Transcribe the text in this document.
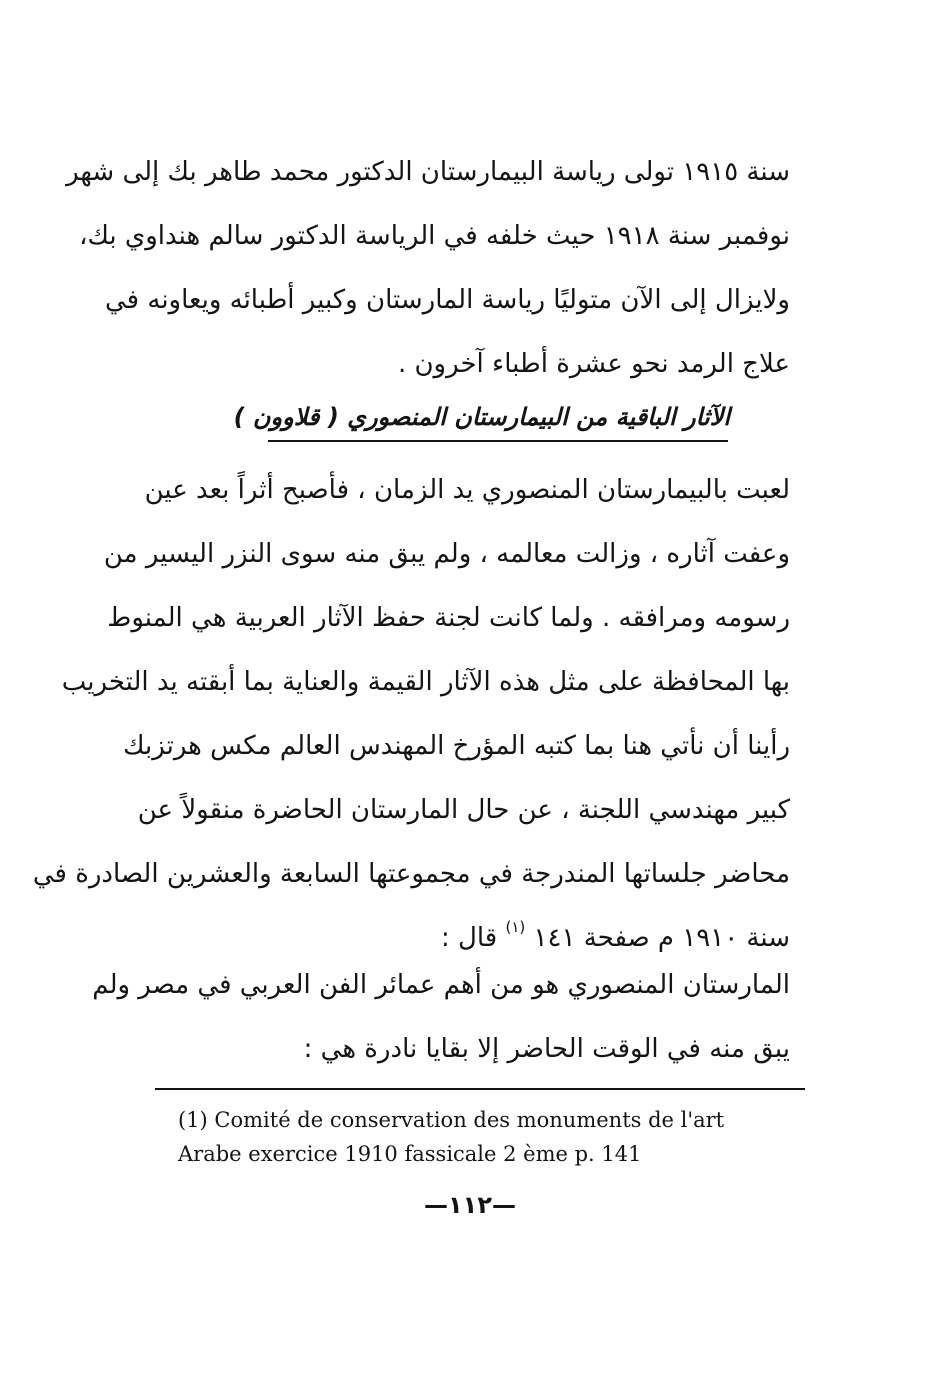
سنة ١٩١٥ تولى رياسة البيمارستان الدكتور محمد طاهر بك إلى شهر
نوفمبر سنة ١٩١٨ حيث خلفه في الرياسة الدكتور سالم هنداوي بك،
ولايزال إلى الآن متوليًا رياسة المارستان وكبير أطبائه ويعاونه في
علاج الرمد نحو عشرة أطباء آخرون .
الآثار الباقية من البيمارستان المنصوري ( قلاوون )
لعبت بالبيمارستان المنصوري يد الزمان ، فأصبح أثراً بعد عين
وعفت آثاره ، وزالت معالمه ، ولم يبق منه سوى النزر اليسير من
رسومه ومرافقه . ولما كانت لجنة حفظ الآثار العربية هي المنوط
بها المحافظة على مثل هذه الآثار القيمة والعناية بما أبقته يد التخريب
رأينا أن نأتي هنا بما كتبه المؤرخ المهندس العالم مكس هرتزبك
كبير مهندسي اللجنة ، عن حال المارستان الحاضرة منقولاً عن
محاضر جلساتها المندرجة في مجموعتها السابعة والعشرين الصادرة في
سنة ١٩١٠ م صفحة ١٤١ $^{(١)}$ قال :
المارستان المنصوري هو من أهم عمائر الفن العربي في مصر ولم
يبق منه في الوقت الحاضر إلا بقايا نادرة هي :
(1) Comité de conservation des monuments de l'art
Arabe exercice 1910 fassicale 2 ème p. 141
—١١٢—
